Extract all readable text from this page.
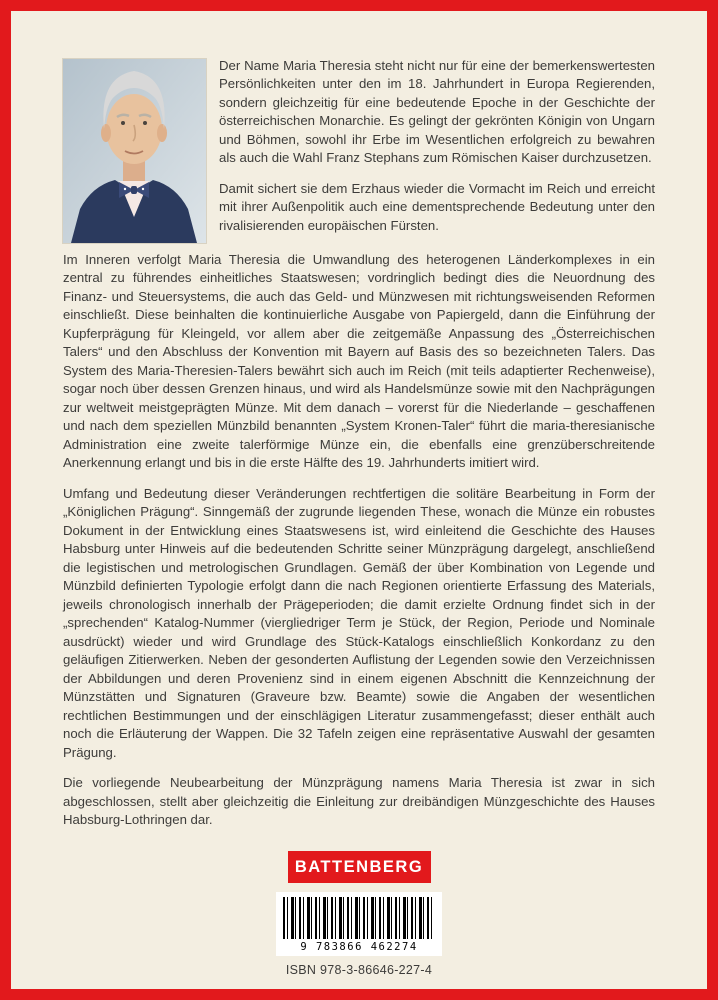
Der Name Maria Theresia steht nicht nur für eine der bemerkenswertesten Persönlichkeiten unter den im 18. Jahrhundert in Europa Regierenden, sondern gleichzeitig für eine bedeutende Epoche in der Geschichte der österreichischen Monarchie. Es gelingt der gekrönten Königin von Ungarn und Böhmen, sowohl ihr Erbe im Wesentlichen erfolgreich zu bewahren als auch die Wahl Franz Stephans zum Römischen Kaiser durchzusetzen.

Damit sichert sie dem Erzhaus wieder die Vormacht im Reich und erreicht mit ihrer Außenpolitik auch eine dementsprechende Bedeutung unter den rivalisierenden europäischen Fürsten.

Im Inneren verfolgt Maria Theresia die Umwandlung des heterogenen Länderkomplexes in ein zentral zu führendes einheitliches Staatswesen; vordringlich bedingt dies die Neuordnung des Finanz- und Steuersystems, die auch das Geld- und Münzwesen mit richtungsweisenden Reformen einschließt. Diese beinhalten die kontinuierliche Ausgabe von Papiergeld, dann die Einführung der Kupferprägung für Kleingeld, vor allem aber die zeitgemäße Anpassung des „Österreichischen Talers“ und den Abschluss der Konvention mit Bayern auf Basis des so bezeichneten Talers. Das System des Maria-Theresien-Talers bewährt sich auch im Reich (mit teils adaptierter Rechenweise), sogar noch über dessen Grenzen hinaus, und wird als Handelsmünze sowie mit den Nachprägungen zur weltweit meistgeprägten Münze. Mit dem danach – vorerst für die Niederlande – geschaffenen und nach dem speziellen Münzbild benannten „System Kronen-Taler“ führt die maria-theresianische Administration eine zweite talerförmige Münze ein, die ebenfalls eine grenzüberschreitende Anerkennung erlangt und bis in die erste Hälfte des 19. Jahrhunderts imitiert wird.

Umfang und Bedeutung dieser Veränderungen rechtfertigen die solitäre Bearbeitung in Form der „Königlichen Prägung“. Sinngemäß der zugrunde liegenden These, wonach die Münze ein robustes Dokument in der Entwicklung eines Staatswesens ist, wird einleitend die Geschichte des Hauses Habsburg unter Hinweis auf die bedeutenden Schritte seiner Münzprägung dargelegt, anschließend die legistischen und metrologischen Grundlagen. Gemäß der über Kombination von Legende und Münzbild definierten Typologie erfolgt dann die nach Regionen orientierte Erfassung des Materials, jeweils chronologisch innerhalb der Prägeperioden; die damit erzielte Ordnung findet sich in der „sprechenden“ Katalog-Nummer (viergliedriger Term je Stück, der Region, Periode und Nominale ausdrückt) wieder und wird Grundlage des Stück-Katalogs einschließlich Konkordanz zu den geläufigen Zitierwerken. Neben der gesonderten Auflistung der Legenden sowie den Verzeichnissen der Abbildungen und deren Provenienz sind in einem eigenen Abschnitt die Kennzeichnung der Münzstätten und Signaturen (Graveure bzw. Beamte) sowie die Angaben der wesentlichen rechtlichen Bestimmungen und der einschlägigen Literatur zusammengefasst; dieser enthält auch noch die Erläuterung der Wappen. Die 32 Tafeln zeigen eine repräsentative Auswahl der gesamten Prägung.

Die vorliegende Neubearbeitung der Münzprägung namens Maria Theresia ist zwar in sich abgeschlossen, stellt aber gleichzeitig die Einleitung zur dreibändigen Münzgeschichte des Hauses Habsburg-Lothringen dar.

BATTENBERG
9 783866 462274
ISBN 978-3-86646-227-4
